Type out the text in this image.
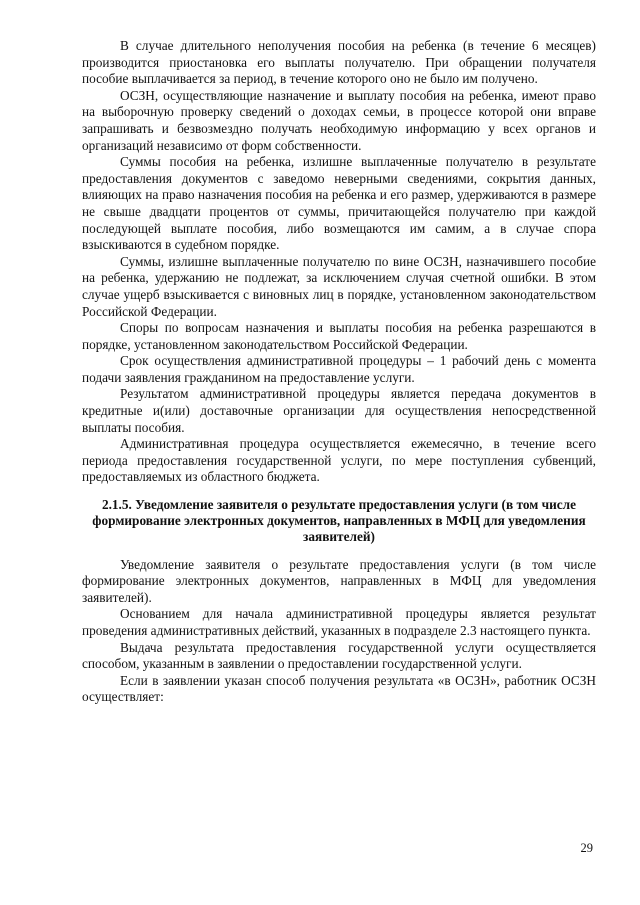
В случае длительного неполучения пособия на ребенка (в течение 6 месяцев) производится приостановка его выплаты получателю. При обращении получателя пособие выплачивается за период, в течение которого оно не было им получено.

ОСЗН, осуществляющие назначение и выплату пособия на ребенка, имеют право на выборочную проверку сведений о доходах семьи, в процессе которой они вправе запрашивать и безвозмездно получать необходимую информацию у всех органов и организаций независимо от форм собственности.

Суммы пособия на ребенка, излишне выплаченные получателю в результате предоставления документов с заведомо неверными сведениями, сокрытия данных, влияющих на право назначения пособия на ребенка и его размер, удерживаются в размере не свыше двадцати процентов от суммы, причитающейся получателю при каждой последующей выплате пособия, либо возмещаются им самим, а в случае спора взыскиваются в судебном порядке.

Суммы, излишне выплаченные получателю по вине ОСЗН, назначившего пособие на ребенка, удержанию не подлежат, за исключением случая счетной ошибки. В этом случае ущерб взыскивается с виновных лиц в порядке, установленном законодательством Российской Федерации.

Споры по вопросам назначения и выплаты пособия на ребенка разрешаются в порядке, установленном законодательством Российской Федерации.

Срок осуществления административной процедуры – 1 рабочий день с момента подачи заявления гражданином на предоставление услуги.

Результатом административной процедуры является передача документов в кредитные и(или) доставочные организации для осуществления непосредственной выплаты пособия.

Административная процедура осуществляется ежемесячно, в течение всего периода предоставления государственной услуги, по мере поступления субвенций, предоставляемых из областного бюджета.

2.1.5. Уведомление заявителя о результате предоставления услуги (в том числе формирование электронных документов, направленных в МФЦ для уведомления заявителей)

Уведомление заявителя о результате предоставления услуги (в том числе формирование электронных документов, направленных в МФЦ для уведомления заявителей).

Основанием для начала административной процедуры является результат проведения административных действий, указанных в подразделе 2.3 настоящего пункта.

Выдача результата предоставления государственной услуги осуществляется способом, указанным в заявлении о предоставлении государственной услуги.

Если в заявлении указан способ получения результата «в ОСЗН», работник ОСЗН осуществляет:

29
